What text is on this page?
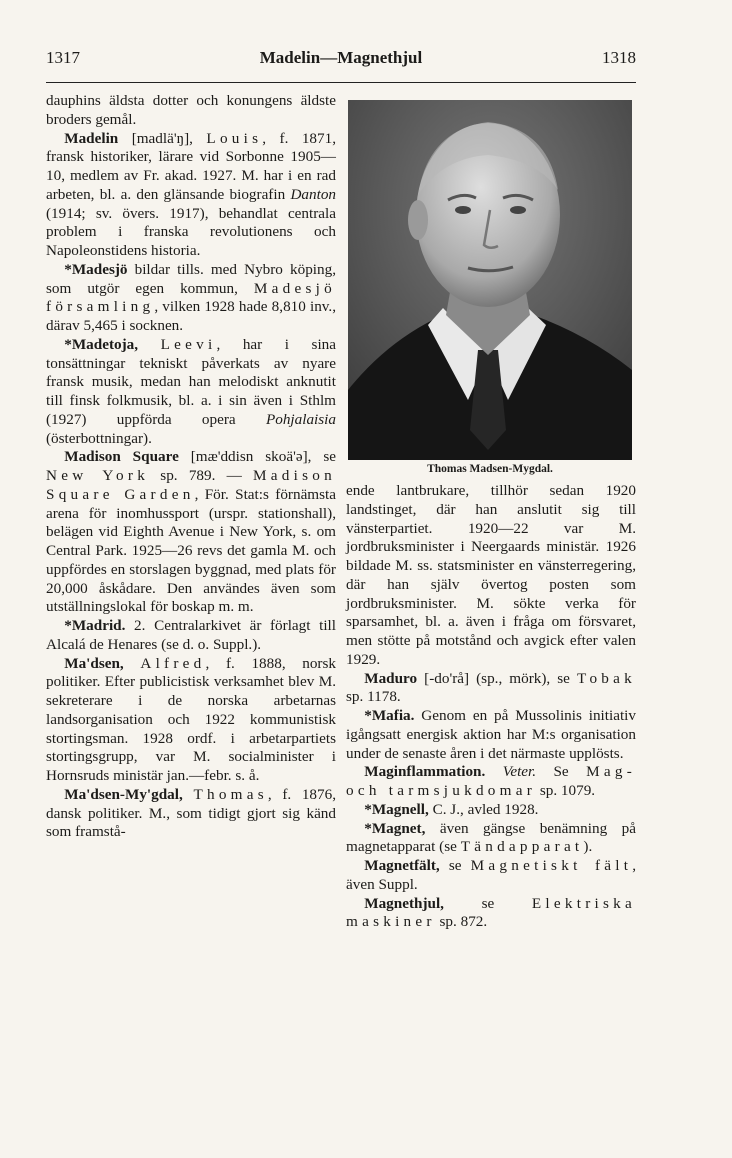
1317	Madelin—Magnethjul	1318

dauphins äldsta dotter och konungens äldste broders gemål.

Madelin [madlä'ŋ], Louis, f. 1871, fransk historiker, lärare vid Sorbonne 1905—10, medlem av Fr. akad. 1927. M. har i en rad arbeten, bl. a. den glänsande biografin Danton (1914; sv. övers. 1917), behandlat centrala problem i franska revolutionens och Napoleonstidens historia.

*Madesjö bildar tills. med Nybro köping, som utgör egen kommun, Madesjö församling, vilken 1928 hade 8,810 inv., därav 5,465 i socknen.

*Madetoja, Leevi, har i sina tonsättningar tekniskt påverkats av nyare fransk musik, medan han melodiskt anknutit till finsk folkmusik, bl. a. i sin även i Sthlm (1927) uppförda opera Pohjalaisia (österbottningar).

Madison Square [mæ'ddisn skoä'ə], se New York sp. 789. — Madison Square Garden, För. Stat:s förnämsta arena för inomhussport (urspr. stationshall), belägen vid Eighth Avenue i New York, s. om Central Park. 1925—26 revs det gamla M. och uppfördes en storslagen byggnad, med plats för 20,000 åskådare. Den användes även som utställningslokal för boskap m. m.

*Madrid. 2. Centralarkivet är förlagt till Alcalá de Henares (se d. o. Suppl.).

Ma'dsen, Alfred, f. 1888, norsk politiker. Efter publicistisk verksamhet blev M. sekreterare i de norska arbetarnas landsorganisation och 1922 kommunistisk stortingsman. 1928 ordf. i arbetarpartiets stortingsgrupp, var M. socialminister i Hornsruds ministär jan.—febr. s. å.

Ma'dsen-My'gdal, Thomas, f. 1876, dansk politiker. M., som tidigt gjort sig känd som framstå-

Thomas Madsen-Mygdal.

ende lantbrukare, tillhör sedan 1920 landstinget, där han anslutit sig till vänsterpartiet. 1920—22 var M. jordbruksminister i Neergaards ministär. 1926 bildade M. ss. statsminister en vänsterregering, där han själv övertog posten som jordbruksminister. M. sökte verka för sparsamhet, bl. a. även i fråga om försvaret, men stötte på motstånd och avgick efter valen 1929.

Maduro [-do'rå] (sp., mörk), se Tobak sp. 1178.

*Mafia. Genom en på Mussolinis initiativ igångsatt energisk aktion har M:s organisation under de senaste åren i det närmaste upplösts.

Maginflammation. Veter. Se Mag- och tarmsjukdomar sp. 1079.

*Magnell, C. J., avled 1928.

*Magnet, även gängse benämning på magnetapparat (se Tändapparat).

Magnetfält, se Magnetiskt fält, även Suppl.

Magnethjul, se Elektriska maskiner sp. 872.
